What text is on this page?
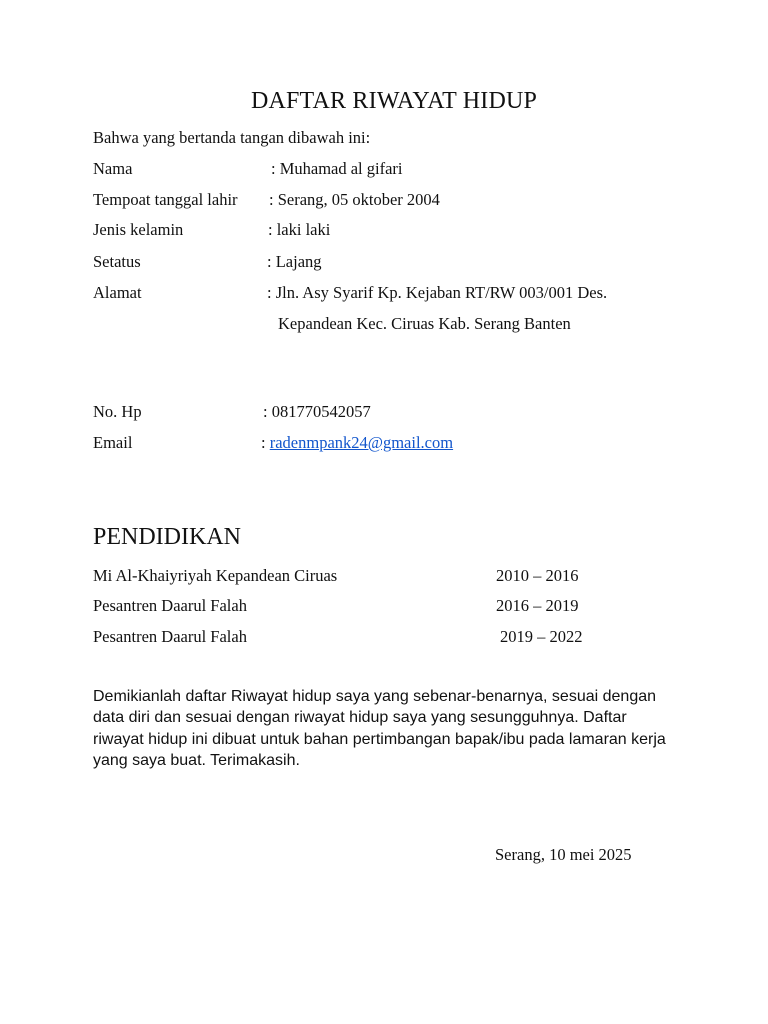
DAFTAR RIWAYAT HIDUP
Bahwa yang bertanda tangan dibawah ini:
Nama	: Muhamad al gifari
Tempoat tanggal lahir : Serang, 05 oktober 2004
Jenis kelamin	: laki laki
Setatus	: Lajang
Alamat	: Jln. Asy Syarif Kp. Kejaban RT/RW 003/001 Des.
Kepandean Kec. Ciruas Kab. Serang Banten
No. Hp	: 081770542057
Email	: radenmpank24@gmail.com
PENDIDIKAN
Mi Al-Khaiyriyah Kepandean Ciruas	2010 – 2016
Pesantren Daarul Falah	2016 – 2019
Pesantren Daarul Falah	2019 – 2022
Demikianlah daftar Riwayat hidup saya yang sebenar-benarnya, sesuai dengan data diri dan sesuai dengan riwayat hidup saya yang sesungguhnya. Daftar riwayat hidup ini dibuat untuk bahan pertimbangan bapak/ibu pada lamaran kerja yang saya buat. Terimakasih.
Serang, 10 mei 2025
